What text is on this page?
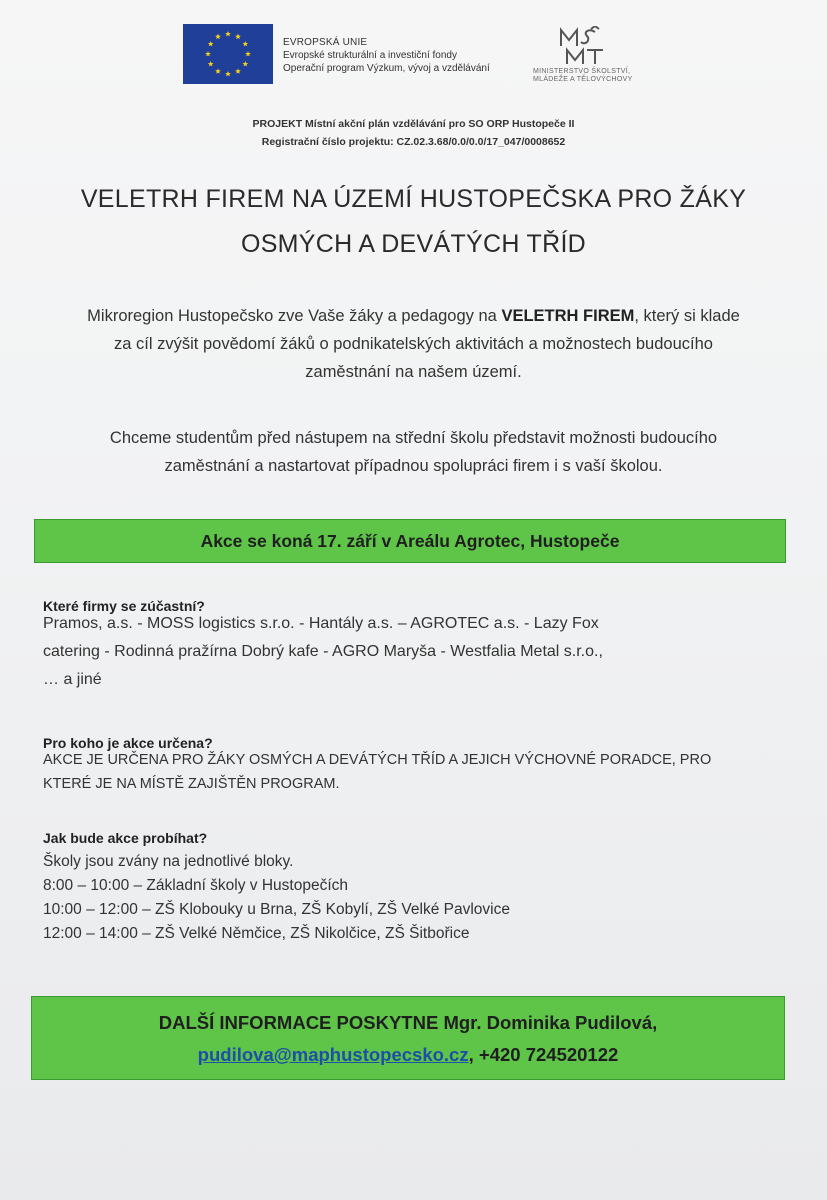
EVROPSKÁ UNIE
Evropské strukturální a investiční fondy
Operační program Výzkum, vývoj a vzdělávání	MINISTERSTVO ŠKOLSTVÍ,
MLÁDEŽE A TĚLOVÝCHOVY
PROJEKT Místní akční plán vzdělávání pro SO ORP Hustopeče II
Registrační číslo projektu: CZ.02.3.68/0.0/0.0/17_047/0008652
VELETRH FIREM NA ÚZEMÍ HUSTOPEČSKA PRO ŽÁKY
OSMÝCH A DEVÁTÝCH TŘÍD
Mikroregion Hustopečsko zve Vaše žáky a pedagogy na VELETRH FIREM, který si klade
za cíl zvýšit povědomí žáků o podnikatelských aktivitách a možnostech budoucího
zaměstnání na našem území.
Chceme studentům před nástupem na střední školu představit možnosti budoucího
zaměstnání a nastartovat případnou spolupráci firem i s vaší školou.
Akce se koná 17. září v Areálu Agrotec, Hustopeče
Které firmy se zúčastní?
Pramos, a.s. - MOSS logistics s.r.o. - Hantály a.s. – AGROTEC a.s. - Lazy Fox
catering - Rodinná pražírna Dobrý kafe - AGRO Maryša - Westfalia Metal s.r.o.,
… a jiné
Pro koho je akce určena?
AKCE JE URČENA PRO ŽÁKY OSMÝCH A DEVÁTÝCH TŘÍD A JEJICH VÝCHOVNÉ PORADCE, PRO
KTERÉ JE NA MÍSTĚ ZAJIŠTĚN PROGRAM.
Jak bude akce probíhat?
Školy jsou zvány na jednotlivé bloky.
8:00 – 10:00 – Základní školy v Hustopečích
10:00 – 12:00 – ZŠ Klobouky u Brna, ZŠ Kobylí, ZŠ Velké Pavlovice
12:00 – 14:00 – ZŠ Velké Němčice, ZŠ Nikolčice, ZŠ Šitbořice
DALŠÍ INFORMACE POSKYTNE Mgr. Dominika Pudilová,
pudilova@maphustopecsko.cz, +420 724520122
